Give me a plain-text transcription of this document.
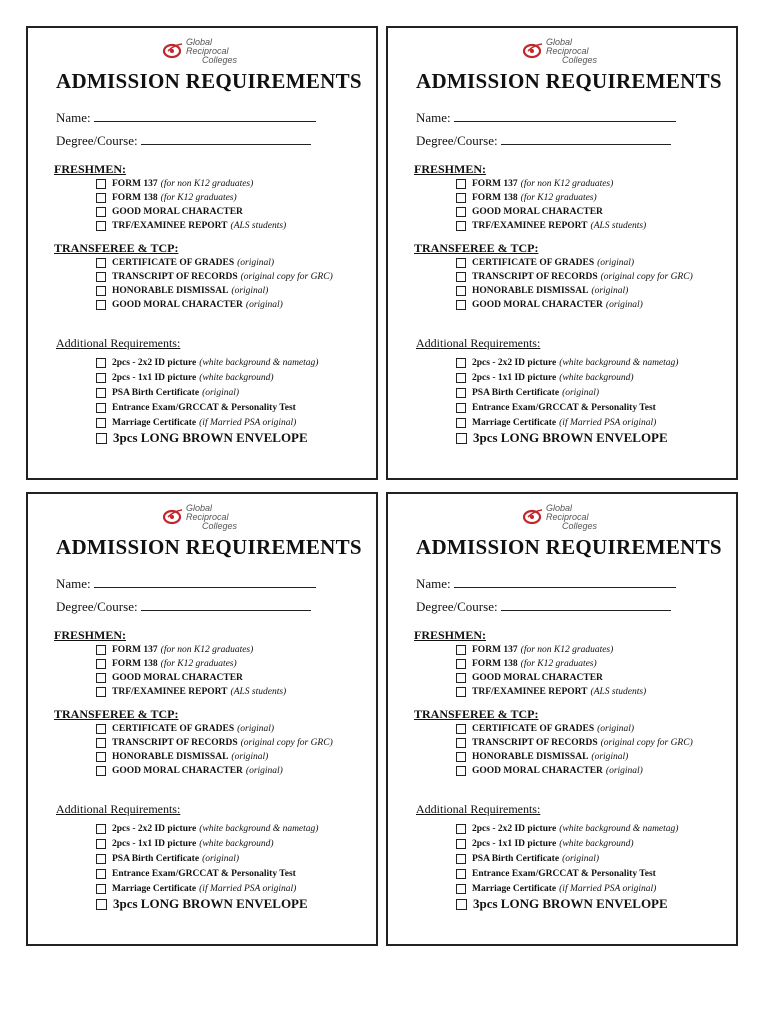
Global
Reciprocal
Colleges
ADMISSION REQUIREMENTS
Name:
Degree/Course:
FRESHMEN:
FORM 137 (for non K12 graduates)
FORM 138 (for K12 graduates)
GOOD MORAL CHARACTER
TRF/EXAMINEE REPORT (ALS students)
TRANSFEREE & TCP:
CERTIFICATE OF GRADES (original)
TRANSCRIPT OF RECORDS (original copy for GRC)
HONORABLE DISMISSAL (original)
GOOD MORAL CHARACTER (original)
Additional Requirements:
2pcs - 2x2 ID picture (white background & nametag)
2pcs - 1x1 ID picture (white background)
PSA Birth Certificate (original)
Entrance Exam/GRCCAT & Personality Test
Marriage Certificate (if Married PSA original)
3pcs LONG BROWN ENVELOPE
Global
Reciprocal
Colleges
ADMISSION REQUIREMENTS
Name:
Degree/Course:
FRESHMEN:
FORM 137 (for non K12 graduates)
FORM 138 (for K12 graduates)
GOOD MORAL CHARACTER
TRF/EXAMINEE REPORT (ALS students)
TRANSFEREE & TCP:
CERTIFICATE OF GRADES (original)
TRANSCRIPT OF RECORDS (original copy for GRC)
HONORABLE DISMISSAL (original)
GOOD MORAL CHARACTER (original)
Additional Requirements:
2pcs - 2x2 ID picture (white background & nametag)
2pcs - 1x1 ID picture (white background)
PSA Birth Certificate (original)
Entrance Exam/GRCCAT & Personality Test
Marriage Certificate (if Married PSA original)
3pcs LONG BROWN ENVELOPE
Global
Reciprocal
Colleges
ADMISSION REQUIREMENTS
Name:
Degree/Course:
FRESHMEN:
FORM 137 (for non K12 graduates)
FORM 138 (for K12 graduates)
GOOD MORAL CHARACTER
TRF/EXAMINEE REPORT (ALS students)
TRANSFEREE & TCP:
CERTIFICATE OF GRADES (original)
TRANSCRIPT OF RECORDS (original copy for GRC)
HONORABLE DISMISSAL (original)
GOOD MORAL CHARACTER (original)
Additional Requirements:
2pcs - 2x2 ID picture (white background & nametag)
2pcs - 1x1 ID picture (white background)
PSA Birth Certificate (original)
Entrance Exam/GRCCAT & Personality Test
Marriage Certificate (if Married PSA original)
3pcs LONG BROWN ENVELOPE
Global
Reciprocal
Colleges
ADMISSION REQUIREMENTS
Name:
Degree/Course:
FRESHMEN:
FORM 137 (for non K12 graduates)
FORM 138 (for K12 graduates)
GOOD MORAL CHARACTER
TRF/EXAMINEE REPORT (ALS students)
TRANSFEREE & TCP:
CERTIFICATE OF GRADES (original)
TRANSCRIPT OF RECORDS (original copy for GRC)
HONORABLE DISMISSAL (original)
GOOD MORAL CHARACTER (original)
Additional Requirements:
2pcs - 2x2 ID picture (white background & nametag)
2pcs - 1x1 ID picture (white background)
PSA Birth Certificate (original)
Entrance Exam/GRCCAT & Personality Test
Marriage Certificate (if Married PSA original)
3pcs LONG BROWN ENVELOPE
